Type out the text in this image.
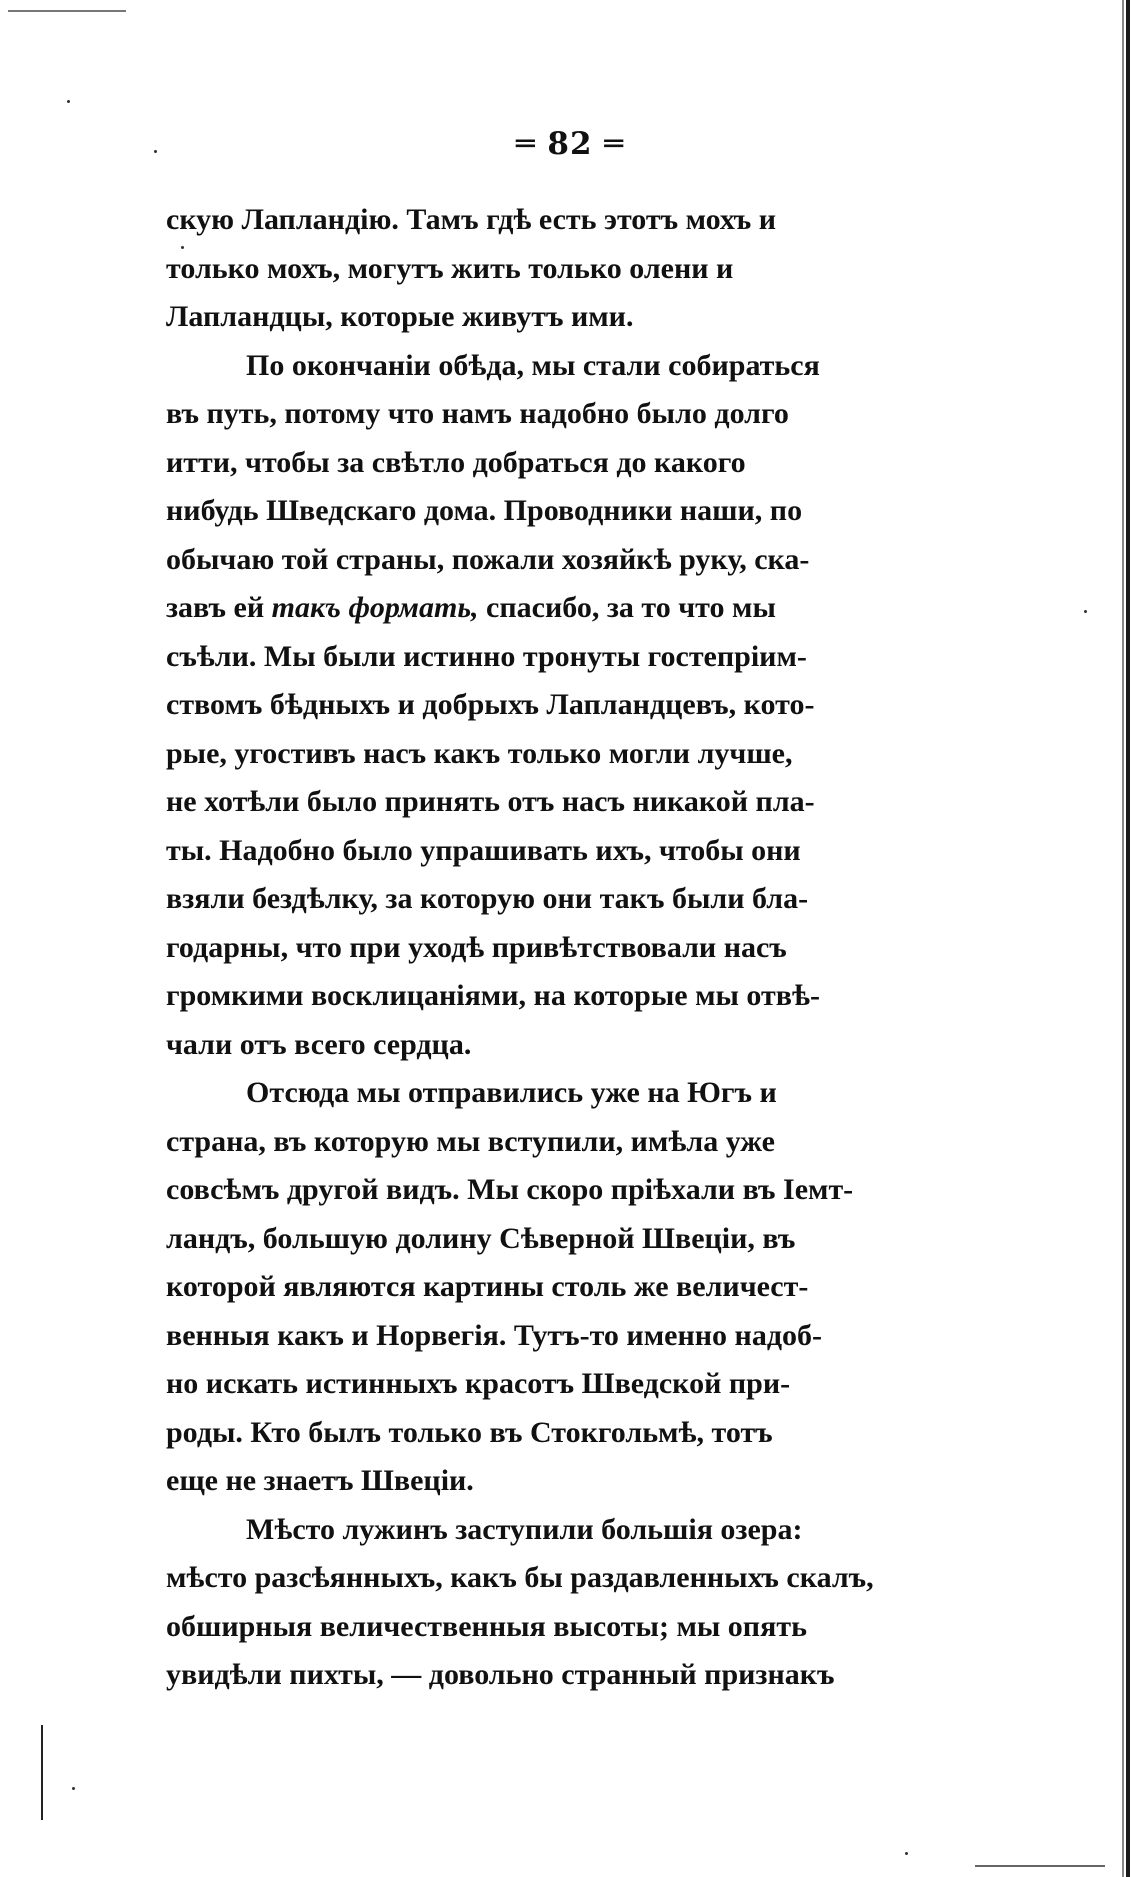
═ 82 ═
скую Лапландію. Тамъ гдѣ есть этотъ мохъ и
только мохъ, могутъ жить только олени и
Лапландцы, которые живутъ ими.
По окончаніи обѣда, мы стали собираться
въ путь, потому что намъ надобно было долго
итти, чтобы за свѣтло добраться до какого
нибудь Шведскаго дома. Проводники наши, по
обычаю той страны, пожали хозяйкѣ руку, ска-
завъ ей такъ формать, спасибо, за то что мы
съѣли. Мы были истинно тронуты гостепріим-
ствомъ бѣдныхъ и добрыхъ Лапландцевъ, кото-
рые, угостивъ насъ какъ только могли лучше,
не хотѣли было принять отъ насъ никакой пла-
ты. Надобно было упрашивать ихъ, чтобы они
взяли бездѣлку, за которую они такъ были бла-
годарны, что при уходѣ привѣтствовали насъ
громкими восклицаніями, на которые мы отвѣ-
чали отъ всего сердца.
Отсюда мы отправились уже на Югъ и
страна, въ которую мы вступили, имѣла уже
совсѣмъ другой видъ. Мы скоро пріѣхали въ Iемт-
ландъ, большую долину Сѣверной Швеціи, въ
которой являются картины столь же величест-
венныя какъ и Норвегія. Тутъ-то именно надоб-
но искать истинныхъ красотъ Шведской при-
роды. Кто былъ только въ Стокгольмѣ, тотъ
еще не знаетъ Швеціи.
Мѣсто лужинъ заступили большія озера:
мѣсто разсѣянныхъ, какъ бы раздавленныхъ скалъ,
обширныя величественныя высоты; мы опять
увидѣли пихты, — довольно странный признакъ
